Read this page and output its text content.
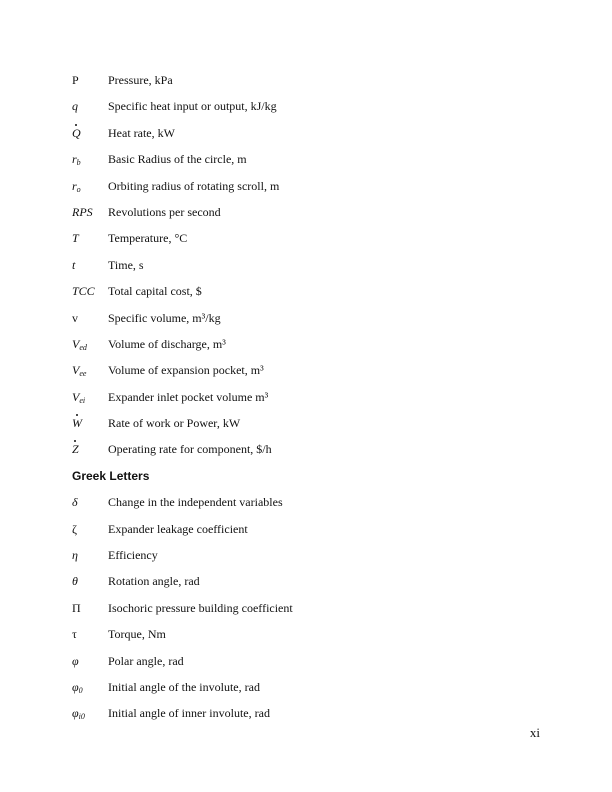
P	Pressure, kPa
q	Specific heat input or output, kJ/kg
Q	Heat rate, kW
$r_b$	Basic Radius of the circle, m
$r_o$	Orbiting radius of rotating scroll, m
RPS	Revolutions per second
T	Temperature, °C
t	Time, s
TCC	Total capital cost, $
v	Specific volume, m³/kg
$V_{ed}$	Volume of discharge, m³
$V_{ee}$	Volume of expansion pocket, m³
$V_{ei}$	Expander inlet pocket volume m³
W	Rate of work or Power, kW
Z	Operating rate for component, $/h
Greek Letters
δ	Change in the independent variables
ζ	Expander leakage coefficient
η	Efficiency
θ	Rotation angle, rad
Π	Isochoric pressure building coefficient
τ	Torque, Nm
φ	Polar angle, rad
$\varphi_0$	Initial angle of the involute, rad
$\varphi_{i0}$	Initial angle of inner involute, rad
xi
